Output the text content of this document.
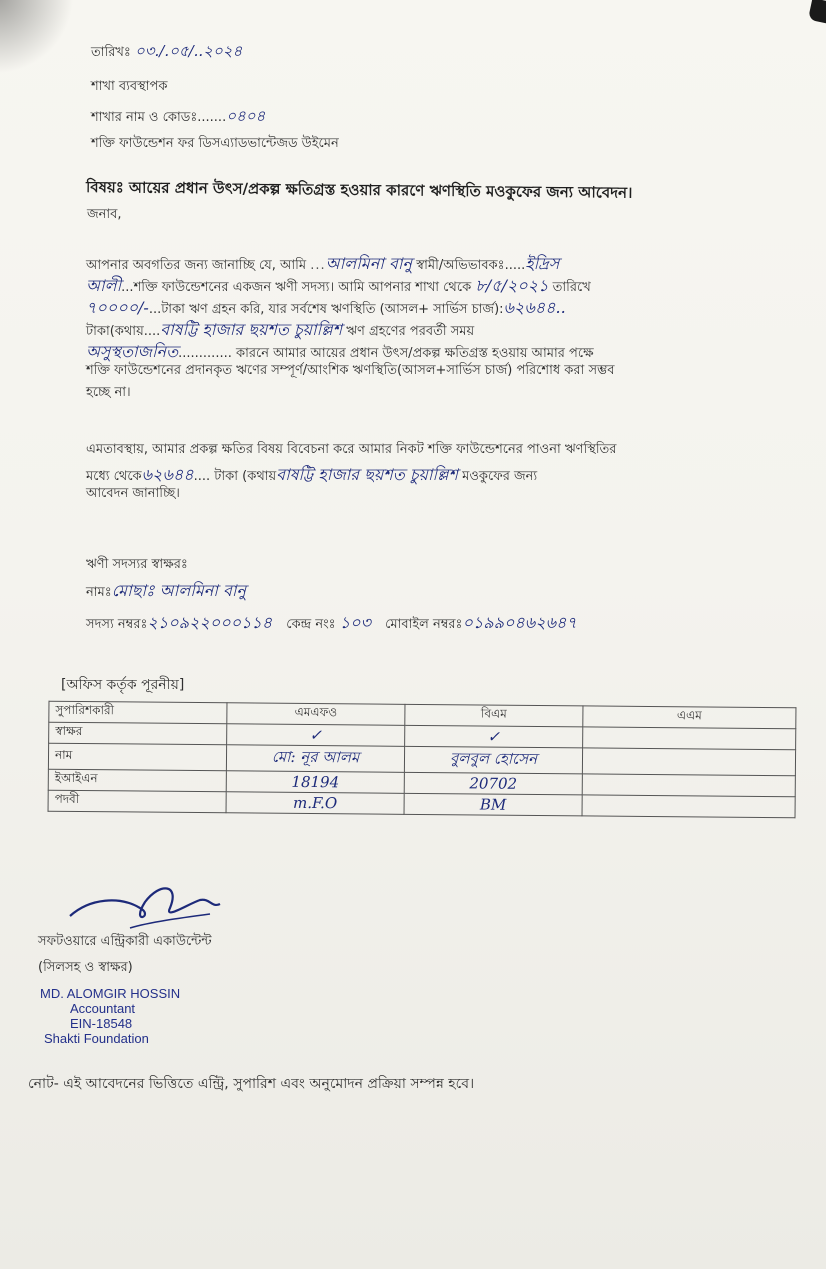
তারিখঃ ০৩./.০৫/..২০২৪
শাখা ব্যবস্থাপক
শাখার নাম ও কোডঃ.......০৪০৪
শক্তি ফাউন্ডেশন ফর ডিসএ্যাডভান্টেজড উইমেন
বিষয়ঃ আয়ের প্রধান উৎস/প্রকল্প ক্ষতিগ্রস্ত হওয়ার কারণে ঋণস্থিতি মওকুফের জন্য আবেদন।
জনাব,
আপনার অবগতির জন্য জানাচ্ছি যে, আমি ...আলমিনা বানু স্বামী/অভিভাবকঃ.....ইদ্রিস
আলী...শক্তি ফাউন্ডেশনের একজন ঋণী সদস্য। আমি আপনার শাখা থেকে ৮/৫/২০২১ তারিখে
৭০০০০/-...টাকা ঋণ গ্রহন করি, যার সর্বশেষ ঋণস্থিতি (আসল+ সার্ভিস চার্জ):৬২৬৪৪..
টাকা(কথায়....বাষট্টি হাজার ছয়শত চুয়াল্লিশ ঋণ গ্রহণের পরবর্তী সময়
অসুস্থতাজনিত............. কারনে আমার আয়ের প্রধান উৎস/প্রকল্প ক্ষতিগ্রস্ত হওয়ায় আমার পক্ষে
শক্তি ফাউন্ডেশনের প্রদানকৃত ঋণের সম্পূর্ণ/আংশিক ঋণস্থিতি(আসল+সার্ভিস চার্জ) পরিশোধ করা সম্ভব
হচ্ছে না।
এমতাবস্থায়, আমার প্রকল্প ক্ষতির বিষয় বিবেচনা করে আমার নিকট শক্তি ফাউন্ডেশনের পাওনা ঋণস্থিতির
মধ্যে থেকে৬২৬৪৪.... টাকা (কথায়বাষট্টি হাজার ছয়শত চুয়াল্লিশ মওকুফের জন্য
আবেদন জানাচ্ছি।
ঋণী সদস্যর স্বাক্ষরঃ
নামঃমোছাঃ আলমিনা বানু
সদস্য নম্বরঃ২১০৯২২০০০১১৪ কেন্দ্র নংঃ ১০৩ মোবাইল নম্বরঃ০১৯৯০৪৬২৬৪৭
[অফিস কর্তৃক পূরনীয়]
সুপারিশকারী	এমএফও	বিএম	এএম
স্বাক্ষর	✓	✓	
নাম	মো: নূর আলম	বুলবুল হোসেন	
ইআইএন	18194	20702	
পদবী	m.F.O	BM	
সফটওয়ারে এন্ট্রিকারী একাউন্টেন্ট
(সিলসহ ও স্বাক্ষর)
MD. ALOMGIR HOSSIN
Accountant
EIN-18548
Shakti Foundation
নোট- এই আবেদনের ভিত্তিতে এন্ট্রি, সুপারিশ এবং অনুমোদন প্রক্রিয়া সম্পন্ন হবে।
